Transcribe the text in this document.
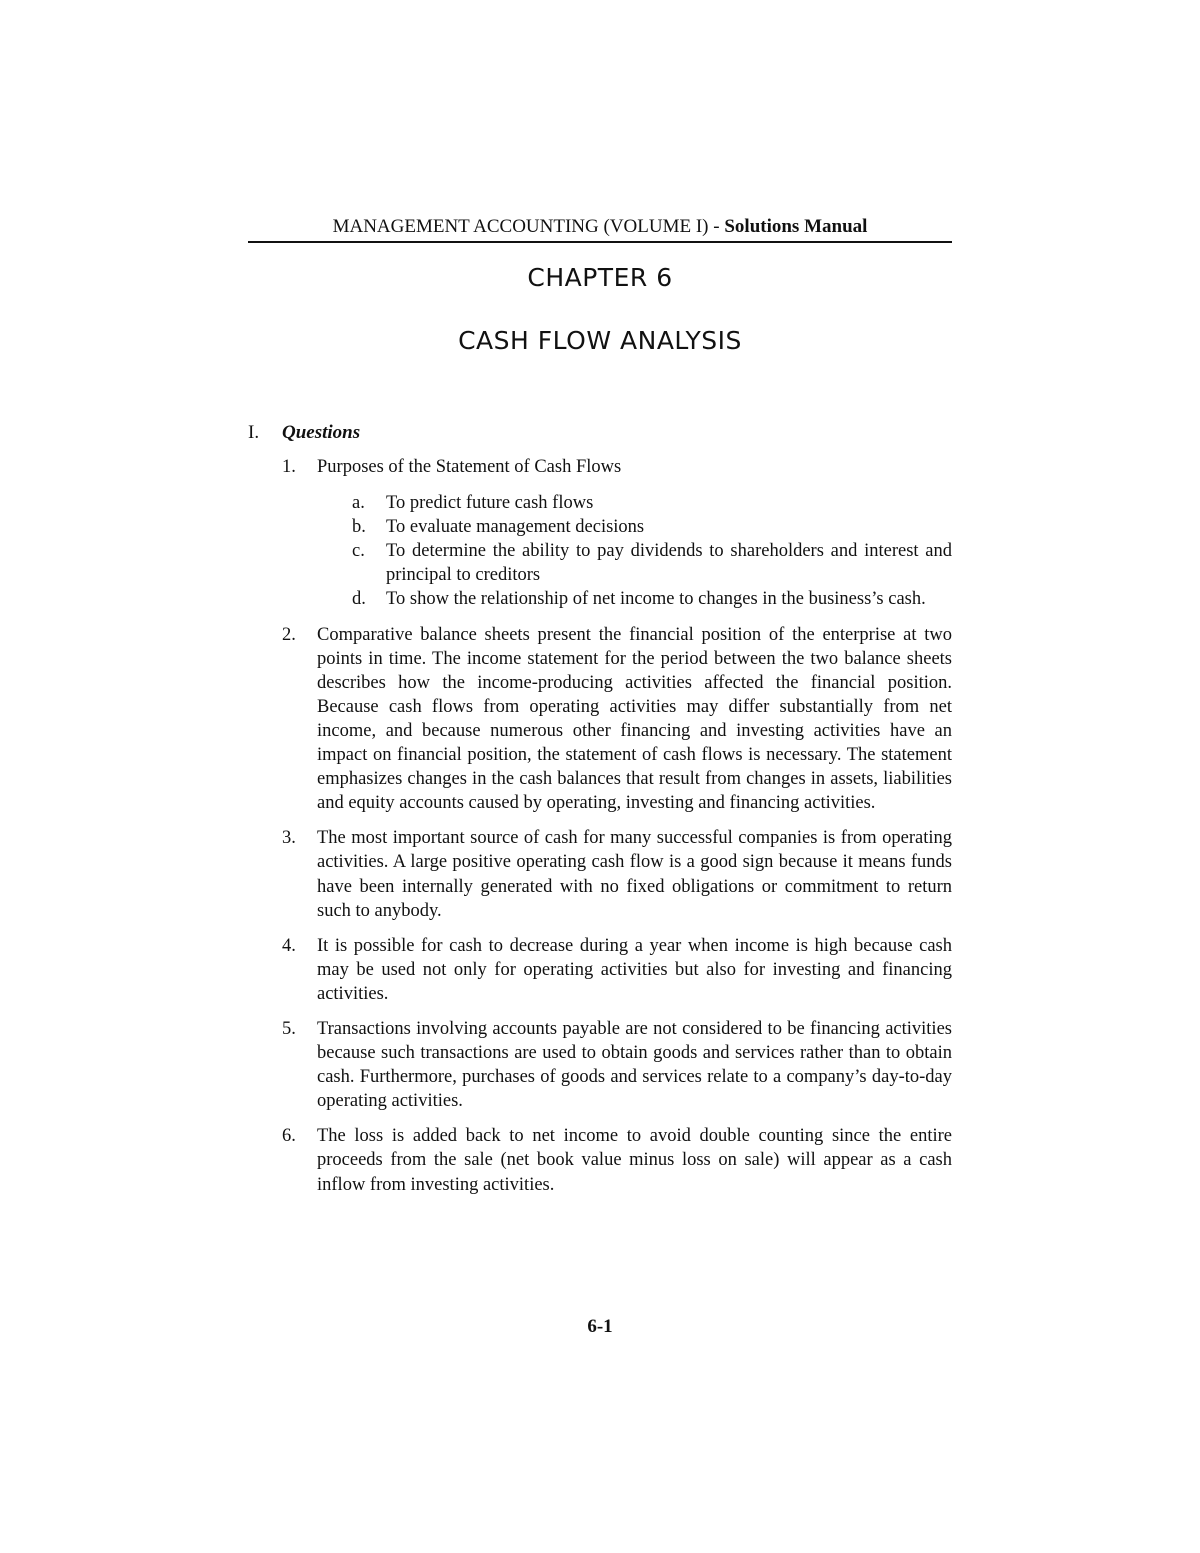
MANAGEMENT ACCOUNTING (VOLUME I) - Solutions Manual
CHAPTER 6
CASH FLOW ANALYSIS
I. Questions
1. Purposes of the Statement of Cash Flows
a. To predict future cash flows
b. To evaluate management decisions
c. To determine the ability to pay dividends to shareholders and interest and principal to creditors
d. To show the relationship of net income to changes in the business’s cash.
2. Comparative balance sheets present the financial position of the enterprise at two points in time. The income statement for the period between the two balance sheets describes how the income-producing activities affected the financial position. Because cash flows from operating activities may differ substantially from net income, and because numerous other financing and investing activities have an impact on financial position, the statement of cash flows is necessary. The statement emphasizes changes in the cash balances that result from changes in assets, liabilities and equity accounts caused by operating, investing and financing activities.
3. The most important source of cash for many successful companies is from operating activities. A large positive operating cash flow is a good sign because it means funds have been internally generated with no fixed obligations or commitment to return such to anybody.
4. It is possible for cash to decrease during a year when income is high because cash may be used not only for operating activities but also for investing and financing activities.
5. Transactions involving accounts payable are not considered to be financing activities because such transactions are used to obtain goods and services rather than to obtain cash. Furthermore, purchases of goods and services relate to a company’s day-to-day operating activities.
6. The loss is added back to net income to avoid double counting since the entire proceeds from the sale (net book value minus loss on sale) will appear as a cash inflow from investing activities.
6-1
